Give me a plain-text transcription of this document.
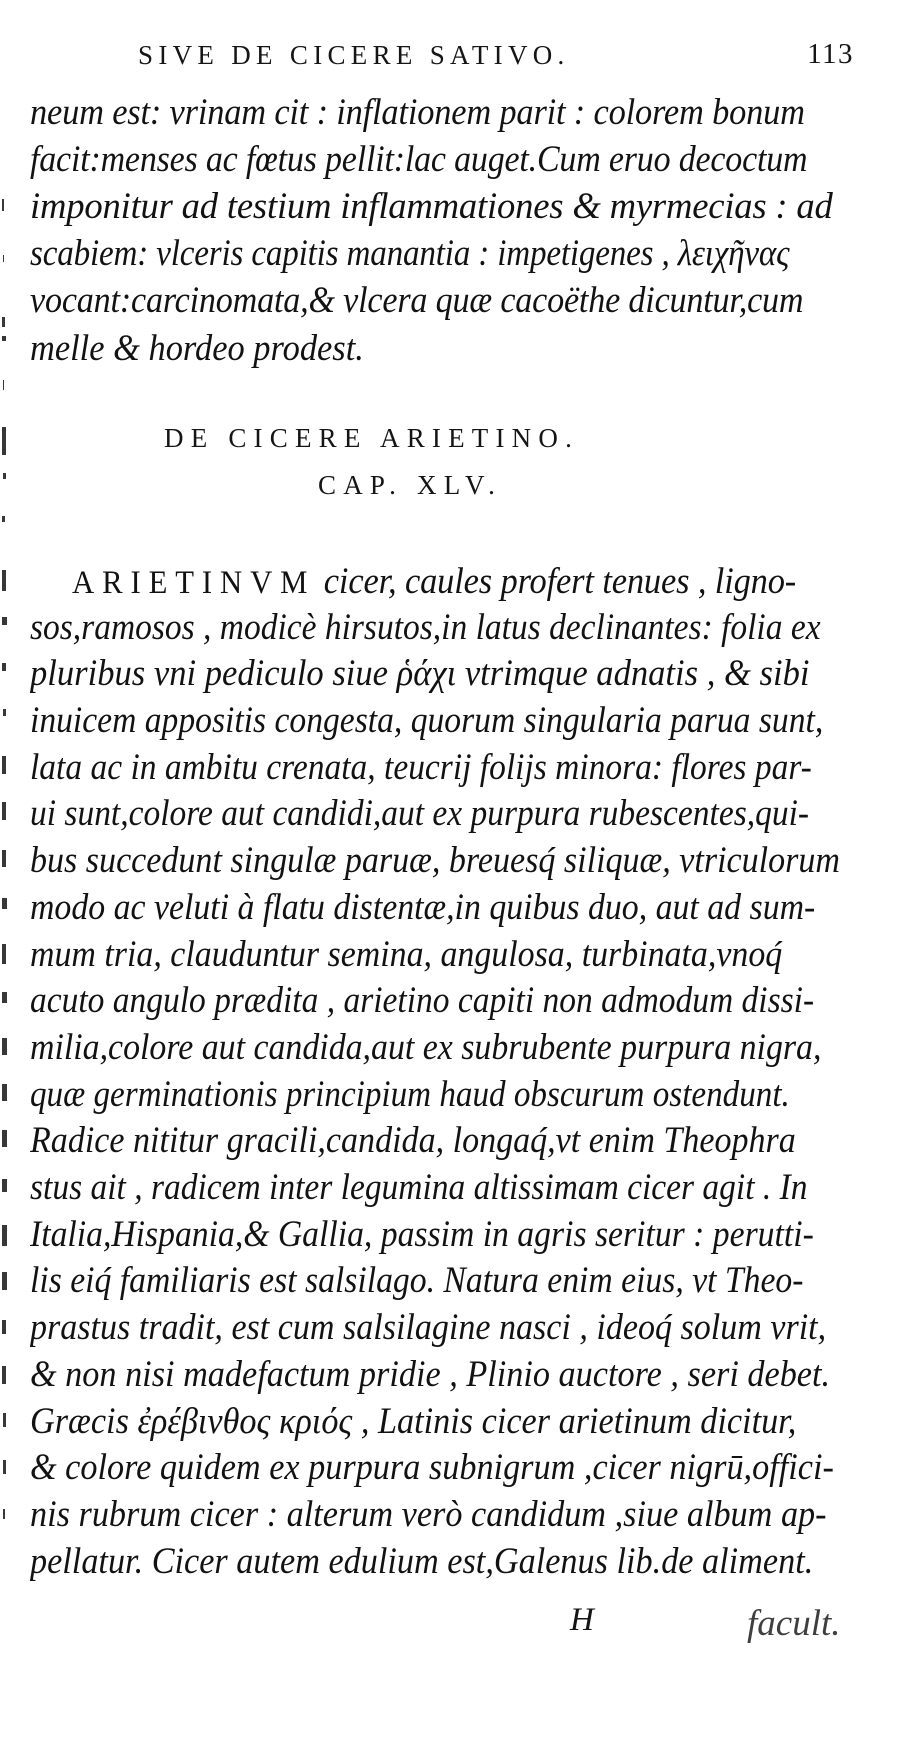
SIVE DE CICERE SATIVO.	113
neum est: vrinam cit : inflationem parit : colorem bonum
facit:menses ac fœtus pellit:lac auget.Cum eruo decoctum
imponitur ad testium inflammationes & myrmecias : ad
scabiem: vlceris capitis manantia : impetigenes , λειχῆνας
vocant:carcinomata,& vlcera quæ cacoëthe dicuntur,cum
melle & hordeo prodest.
DE CICERE ARIETINO.
CAP. XLV.
ARIETINVM cicer, caules profert tenues , ligno-
sos,ramosos , modicè hirsutos,in latus declinantes: folia ex
pluribus vni pediculo siue ῥάχι vtrimque adnatis , & sibi
inuicem appositis congesta, quorum singularia parua sunt,
lata ac in ambitu crenata, teucrij folijs minora: flores par-
ui sunt,colore aut candidi,aut ex purpura rubescentes,qui-
bus succedunt singulæ paruæ, breuesq́ siliquæ, vtriculorum
modo ac veluti à flatu distentæ,in quibus duo, aut ad sum-
mum tria, clauduntur semina, angulosa, turbinata,vnoq́
acuto angulo prædita , arietino capiti non admodum dissi-
milia,colore aut candida,aut ex subrubente purpura nigra,
quæ germinationis principium haud obscurum ostendunt.
Radice nititur gracili,candida, longaq́,vt enim Theophra
stus ait , radicem inter legumina altissimam cicer agit . In
Italia,Hispania,& Gallia, passim in agris seritur : perutti-
lis eiq́ familiaris est salsilago. Natura enim eius, vt Theo-
prastus tradit, est cum salsilagine nasci , ideoq́ solum vrit,
& non nisi madefactum pridie , Plinio auctore , seri debet.
Græcis ἐρέβινθος κριός , Latinis cicer arietinum dicitur,
& colore quidem ex purpura subnigrum ,cicer nigrū,offici-
nis rubrum cicer : alterum verò candidum ,siue album ap-
pellatur. Cicer autem edulium est,Galenus lib.de aliment.
H	facult.
